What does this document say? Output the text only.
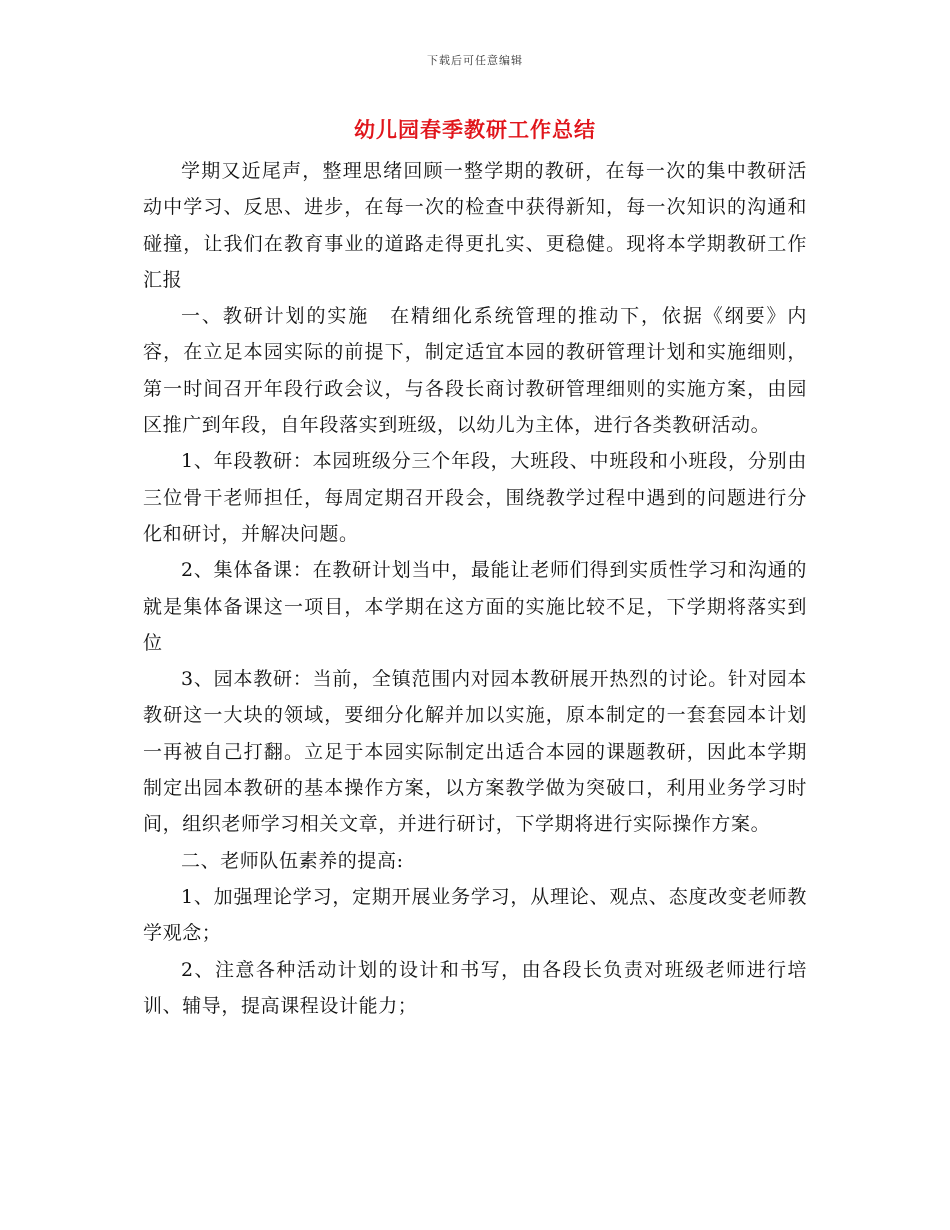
下载后可任意编辑
幼儿园春季教研工作总结

学期又近尾声，整理思绪回顾一整学期的教研，在每一次的集中教研活动中学习、反思、进步，在每一次的检查中获得新知，每一次知识的沟通和碰撞，让我们在教育事业的道路走得更扎实、更稳健。现将本学期教研工作汇报

一、教研计划的实施　在精细化系统管理的推动下，依据《纲要》内容，在立足本园实际的前提下，制定适宜本园的教研管理计划和实施细则，第一时间召开年段行政会议，与各段长商讨教研管理细则的实施方案，由园区推广到年段，自年段落实到班级，以幼儿为主体，进行各类教研活动。

1、年段教研：本园班级分三个年段，大班段、中班段和小班段，分别由三位骨干老师担任，每周定期召开段会，围绕教学过程中遇到的问题进行分化和研讨，并解决问题。

2、集体备课：在教研计划当中，最能让老师们得到实质性学习和沟通的就是集体备课这一项目，本学期在这方面的实施比较不足，下学期将落实到位

3、园本教研：当前，全镇范围内对园本教研展开热烈的讨论。针对园本教研这一大块的领域，要细分化解并加以实施，原本制定的一套套园本计划一再被自己打翻。立足于本园实际制定出适合本园的课题教研，因此本学期制定出园本教研的基本操作方案，以方案教学做为突破口，利用业务学习时间，组织老师学习相关文章，并进行研讨，下学期将进行实际操作方案。

二、老师队伍素养的提高:

1、加强理论学习，定期开展业务学习，从理论、观点、态度改变老师教学观念；

2、注意各种活动计划的设计和书写，由各段长负责对班级老师进行培训、辅导，提高课程设计能力；
